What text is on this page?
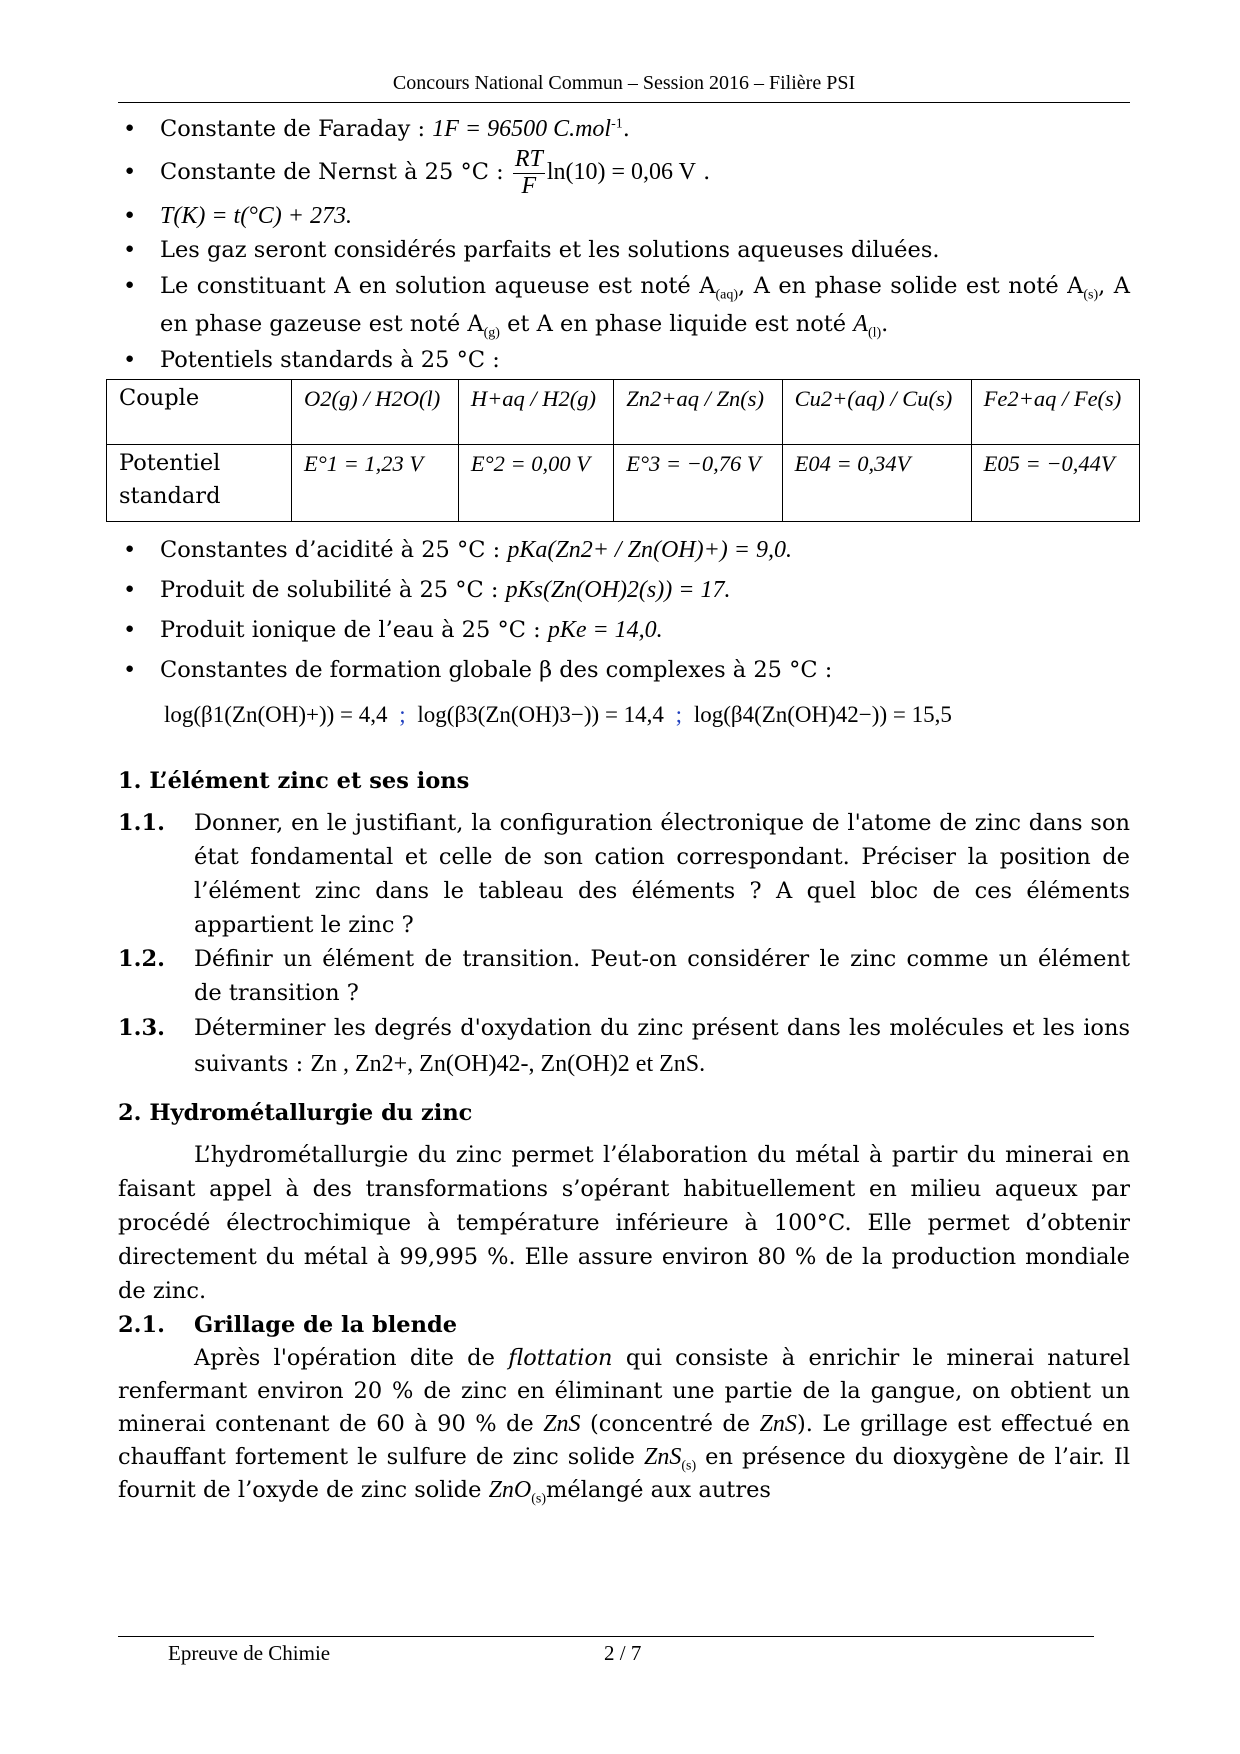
Concours National Commun – Session 2016 – Filière PSI

• Constante de Faraday : 1F = 96500 C.mol$^{-1}$.

• Constante de Nernst à 25 °C : $\frac{RT}{F} \ln(10) = 0,06$ V .

• T(K) = t(°C) + 273.

• Les gaz seront considérés parfaits et les solutions aqueuses diluées.

• Le constituant A en solution aqueuse est noté $A_{(aq)}$, A en phase solide est noté $A_{(s)}$, A en phase gazeuse est noté $A_{(g)}$ et A en phase liquide est noté $A_{(l)}$.

• Potentiels standards à 25 °C :

Couple	O2(g) / H2O(l)	H+aq / H2(g)	Zn2+aq / Zn(s)	Cu2+(aq) / Cu(s)	Fe2+aq / Fe(s)
Potentiel standard	E°1 = 1,23 V	E°2 = 0,00 V	E°3 = −0,76 V	E04 = 0,34V	E05 = −0,44V

• Constantes d’acidité à 25 °C : pKa(Zn2+ / Zn(OH)+) = 9,0.

• Produit de solubilité à 25 °C : pKs(Zn(OH)2(s)) = 17.

• Produit ionique de l’eau à 25 °C : pKe = 14,0.

• Constantes de formation globale β des complexes à 25 °C :

log(β1(Zn(OH)+)) = 4,4 ; log(β3(Zn(OH)3−)) = 14,4 ; log(β4(Zn(OH)42−)) = 15,5

1. L’élément zinc et ses ions

1.1.	Donner, en le justifiant, la configuration électronique de l'atome de zinc dans son état fondamental et celle de son cation correspondant. Préciser la position de l’élément zinc dans le tableau des éléments ? A quel bloc de ces éléments appartient le zinc ?
1.2.	Définir un élément de transition. Peut-on considérer le zinc comme un élément de transition ?
1.3.	Déterminer les degrés d'oxydation du zinc présent dans les molécules et les ions suivants : Zn , Zn2+, Zn(OH)42-, Zn(OH)2 et ZnS.

2. Hydrométallurgie du zinc

L’hydrométallurgie du zinc permet l’élaboration du métal à partir du minerai en faisant appel à des transformations s’opérant habituellement en milieu aqueux par procédé électrochimique à température inférieure à 100°C. Elle permet d’obtenir directement du métal à 99,995 %. Elle assure environ 80 % de la production mondiale de zinc.

2.1. Grillage de la blende

Après l'opération dite de flottation qui consiste à enrichir le minerai naturel renfermant environ 20 % de zinc en éliminant une partie de la gangue, on obtient un minerai contenant de 60 à 90 % de ZnS (concentré de ZnS). Le grillage est effectué en chauffant fortement le sulfure de zinc solide ZnS$_{(s)}$ en présence du dioxygène de l’air. Il fournit de l’oxyde de zinc solide ZnO$_{(s)}$mélangé aux autres

Epreuve de Chimie	2 / 7
